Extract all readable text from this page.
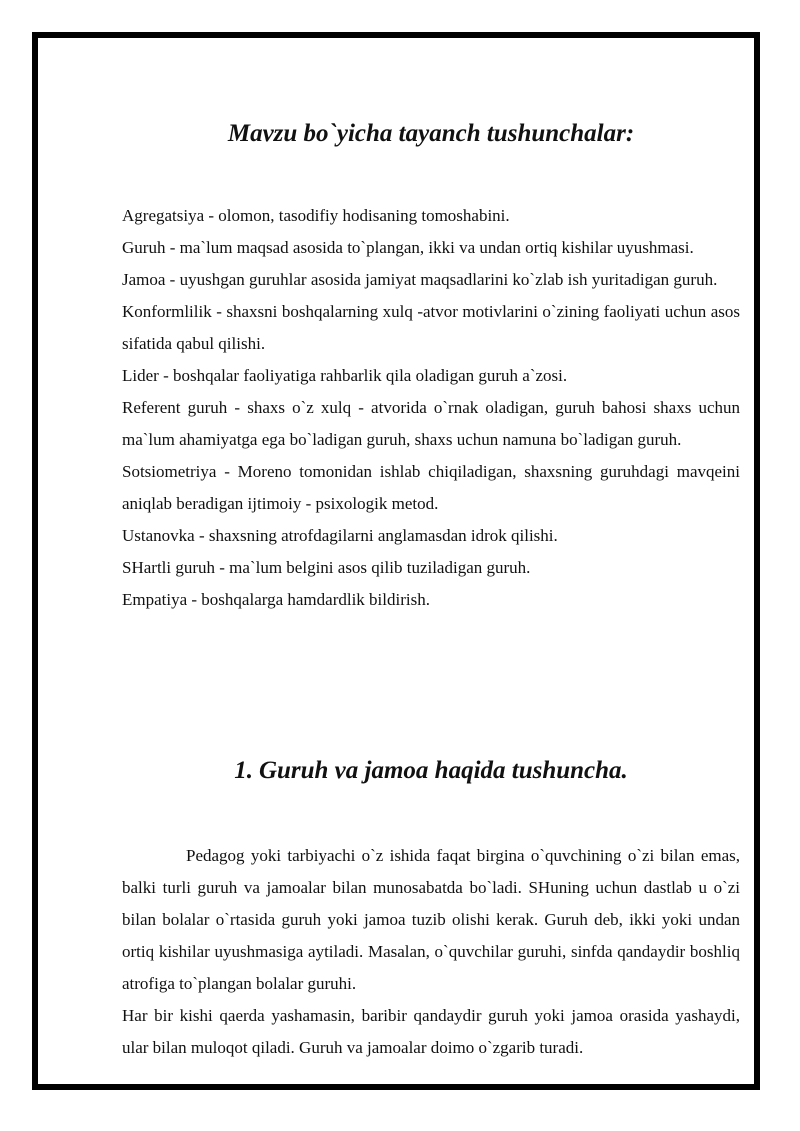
Mavzu bo`yicha tayanch tushunchalar:
Agregatsiya - olomon, tasodifiy hodisaning tomoshabini.
Guruh - ma`lum maqsad asosida to`plangan, ikki va undan ortiq kishilar uyushmasi.
Jamoa - uyushgan guruhlar asosida jamiyat maqsadlarini ko`zlab ish yuritadigan guruh.
Konformlilik - shaxsni boshqalarning xulq -atvor motivlarini o`zining faoliyati uchun asos sifatida qabul qilishi.
Lider - boshqalar faoliyatiga rahbarlik qila oladigan guruh a`zosi.
Referent guruh - shaxs o`z xulq - atvorida o`rnak oladigan, guruh bahosi shaxs uchun ma`lum ahamiyatga ega bo`ladigan guruh, shaxs uchun namuna bo`ladigan guruh.
Sotsiometriya - Moreno tomonidan ishlab chiqiladigan, shaxsning guruhdagi mavqeini aniqlab beradigan ijtimoiy - psixologik metod.
Ustanovka - shaxsning atrofdagilarni anglamasdan idrok qilishi.
SHartli guruh - ma`lum belgini asos qilib tuziladigan guruh.
Empatiya - boshqalarga hamdardlik bildirish.
1. Guruh va jamoa haqida tushuncha.

Pedagog yoki tarbiyachi o`z ishida faqat birgina o`quvchining o`zi bilan emas, balki turli guruh va jamoalar bilan munosabatda bo`ladi. SHuning uchun dastlab u o`zi bilan bolalar o`rtasida guruh yoki jamoa tuzib olishi kerak. Guruh deb, ikki yoki undan ortiq kishilar uyushmasiga aytiladi. Masalan, o`quvchilar guruhi, sinfda qandaydir boshliq atrofiga to`plangan bolalar guruhi.

Har bir kishi qaerda yashamasin, baribir qandaydir guruh yoki jamoa orasida yashaydi, ular bilan muloqot qiladi. Guruh va jamoalar doimo o`zgarib turadi.
